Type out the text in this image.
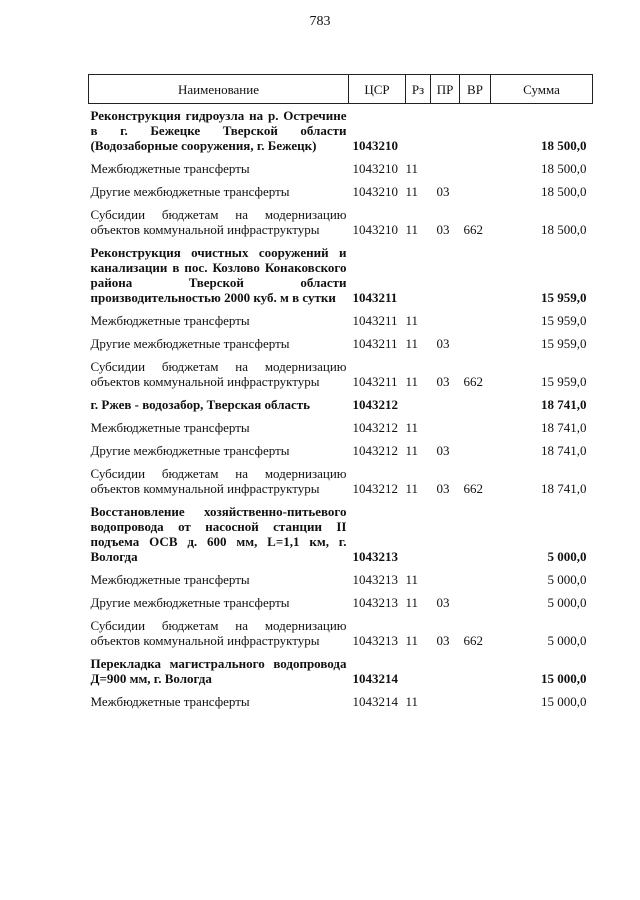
783
Наименование	ЦСР	Рз	ПР	ВР	Сумма
Реконструкция гидроузла на р. Остречине в г. Бежецке Тверской области (Водозаборные сооружения, г. Бежецк)	1043210				18 500,0
Межбюджетные трансферты	1043210	11			18 500,0
Другие межбюджетные трансферты	1043210	11	03		18 500,0
Субсидии бюджетам на модернизацию объектов коммунальной инфраструктуры	1043210	11	03	662	18 500,0
Реконструкция очистных сооружений и канализации в пос. Козлово Конаковского района Тверской области производительностью 2000 куб. м в сутки	1043211				15 959,0
Межбюджетные трансферты	1043211	11			15 959,0
Другие межбюджетные трансферты	1043211	11	03		15 959,0
Субсидии бюджетам на модернизацию объектов коммунальной инфраструктуры	1043211	11	03	662	15 959,0
г. Ржев - водозабор, Тверская область	1043212				18 741,0
Межбюджетные трансферты	1043212	11			18 741,0
Другие межбюджетные трансферты	1043212	11	03		18 741,0
Субсидии бюджетам на модернизацию объектов коммунальной инфраструктуры	1043212	11	03	662	18 741,0
Восстановление хозяйственно-питьевого водопровода от насосной станции II подъема ОСВ д. 600 мм, L=1,1 км, г. Вологда	1043213				5 000,0
Межбюджетные трансферты	1043213	11			5 000,0
Другие межбюджетные трансферты	1043213	11	03		5 000,0
Субсидии бюджетам на модернизацию объектов коммунальной инфраструктуры	1043213	11	03	662	5 000,0
Перекладка магистрального водопровода Д=900 мм, г. Вологда	1043214				15 000,0
Межбюджетные трансферты	1043214	11			15 000,0
